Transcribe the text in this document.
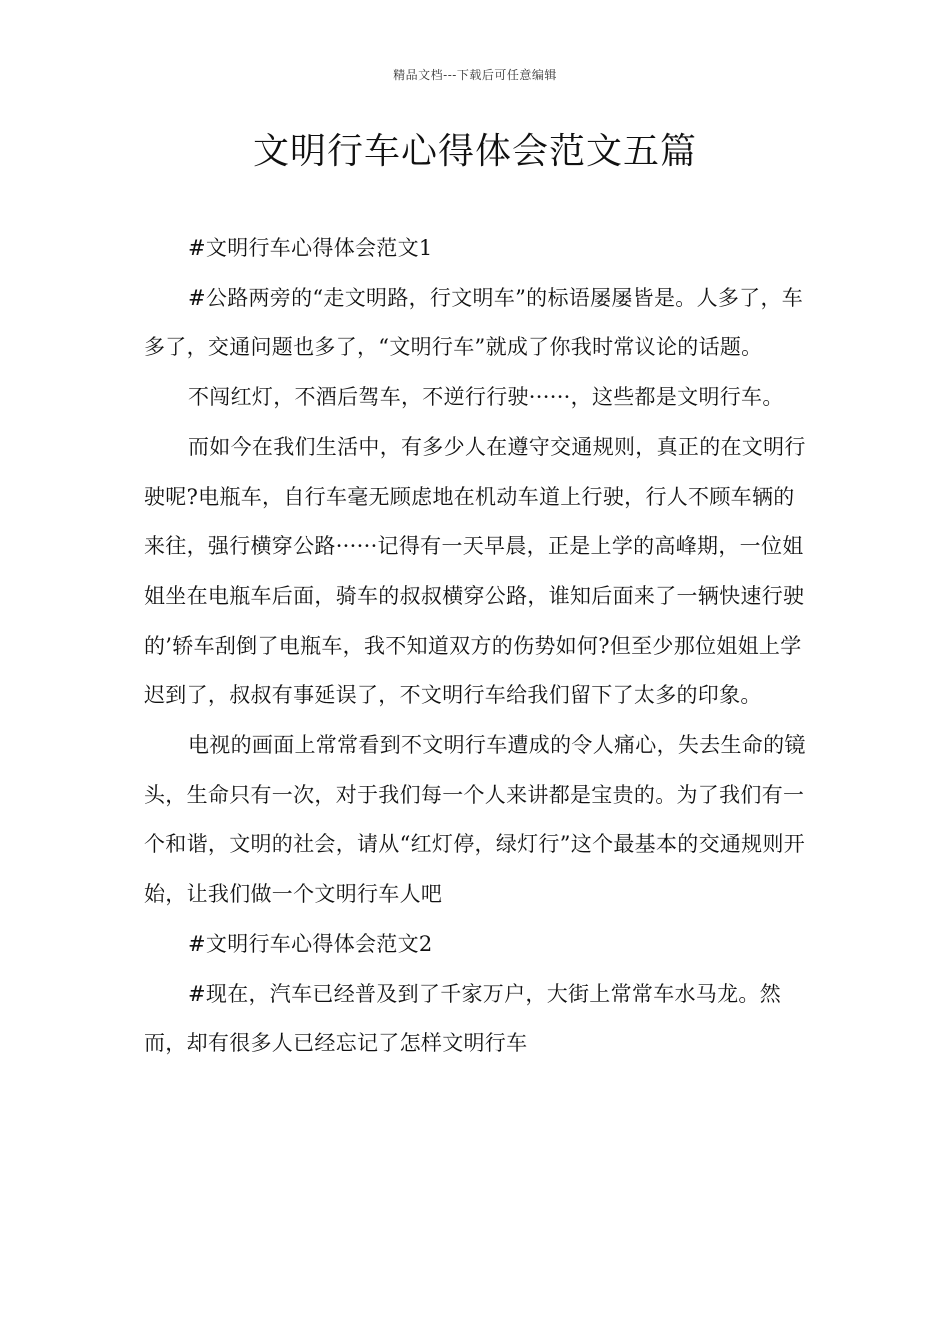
精品文档---下载后可任意编辑
文明行车心得体会范文五篇

#文明行车心得体会范文1

#公路两旁的“走文明路，行文明车”的标语屡屡皆是。人多了，车多了，交通问题也多了，“文明行车”就成了你我时常议论的话题。

不闯红灯，不酒后驾车，不逆行行驶······，这些都是文明行车。

而如今在我们生活中，有多少人在遵守交通规则，真正的在文明行驶呢?电瓶车，自行车毫无顾虑地在机动车道上行驶，行人不顾车辆的来往，强行横穿公路······记得有一天早晨，正是上学的高峰期，一位姐姐坐在电瓶车后面，骑车的叔叔横穿公路，谁知后面来了一辆快速行驶的’轿车刮倒了电瓶车，我不知道双方的伤势如何?但至少那位姐姐上学迟到了，叔叔有事延误了，不文明行车给我们留下了太多的印象。

电视的画面上常常看到不文明行车遭成的令人痛心，失去生命的镜头，生命只有一次，对于我们每一个人来讲都是宝贵的。为了我们有一个和谐，文明的社会，请从“红灯停，绿灯行”这个最基本的交通规则开始，让我们做一个文明行车人吧

#文明行车心得体会范文2

#现在，汽车已经普及到了千家万户，大街上常常车水马龙。然而，却有很多人已经忘记了怎样文明行车
